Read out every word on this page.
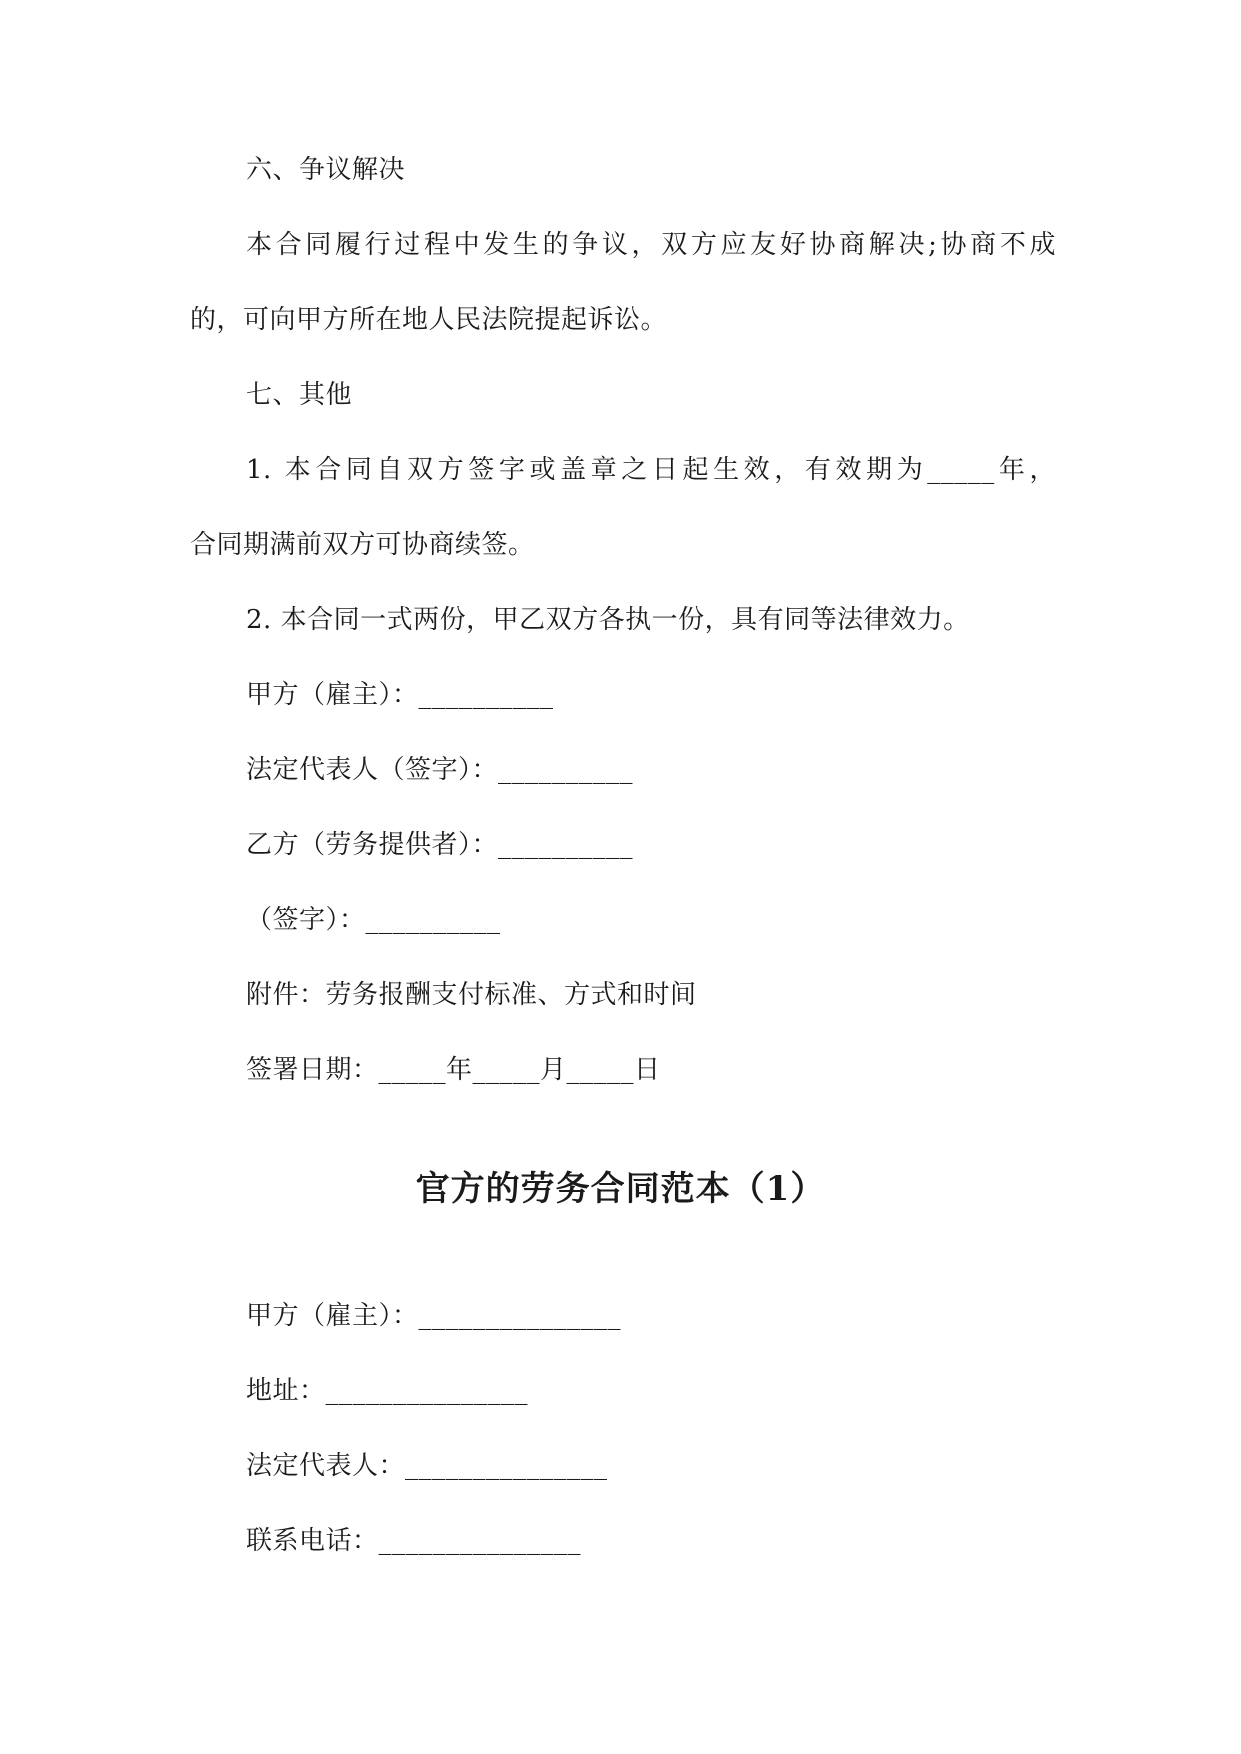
六、争议解决
本合同履行过程中发生的争议，双方应友好协商解决;协商不成
的，可向甲方所在地人民法院提起诉讼。
七、其他
1. 本合同自双方签字或盖章之日起生效，有效期为_____年，
合同期满前双方可协商续签。
2. 本合同一式两份，甲乙双方各执一份，具有同等法律效力。
甲方（雇主）：__________
法定代表人（签字）：__________
乙方（劳务提供者）：__________
（签字）：__________
附件：劳务报酬支付标准、方式和时间
签署日期：_____年_____月_____日
官方的劳务合同范本（1）
甲方（雇主）：_______________
地址：_______________
法定代表人：_______________
联系电话：_______________
